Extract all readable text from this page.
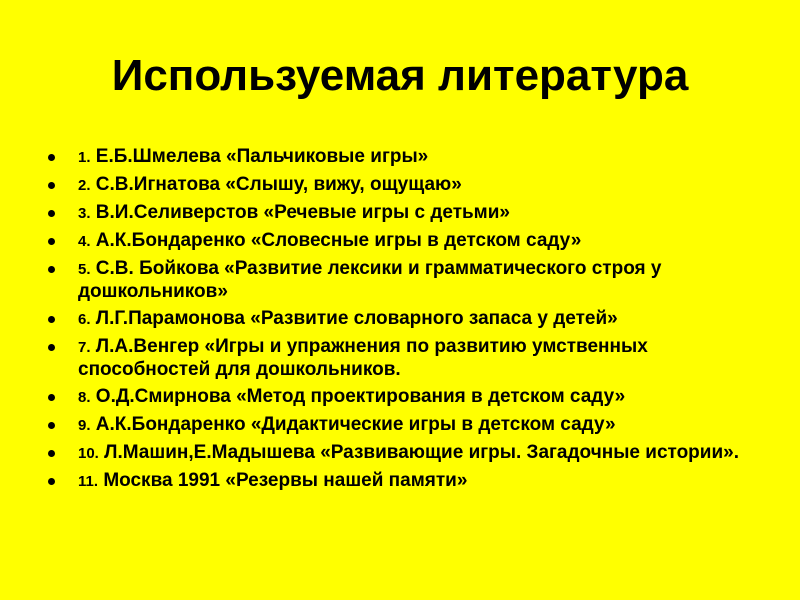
Используемая литература
1. Е.Б.Шмелева «Пальчиковые игры»
2. С.В.Игнатова «Слышу, вижу, ощущаю»
3. В.И.Селиверстов «Речевые игры с детьми»
4. А.К.Бондаренко «Словесные игры в детском саду»
5. С.В. Бойкова «Развитие лексики и грамматического строя у дошкольников»
6. Л.Г.Парамонова «Развитие словарного запаса у детей»
7. Л.А.Венгер «Игры и упражнения по развитию умственных способностей для дошкольников.
8. О.Д.Смирнова «Метод проектирования в детском саду»
9. А.К.Бондаренко «Дидактические игры в детском саду»
10. Л.Машин,Е.Мадышева «Развивающие игры. Загадочные истории».
11. Москва 1991 «Резервы нашей памяти»
